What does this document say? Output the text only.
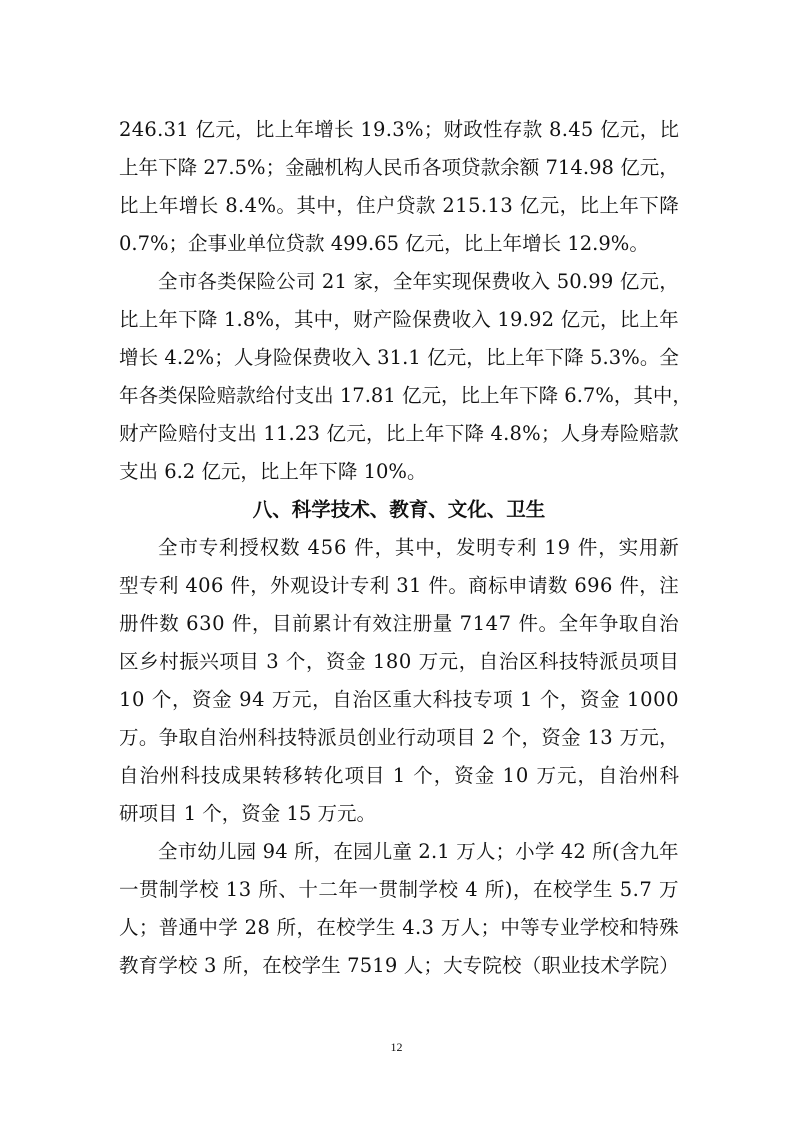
2 4 6 . 3 1
亿 元 ， 比 上 年 增 长
1 9 . 3 % ； 财 政 性 存 款
8 . 4 5
亿 元 ， 比
上 年 下 降
2 7 . 5 % ； 金 融 机 构 人 民 币 各 项 贷 款 余 额
7 1 4 . 9 8
亿 元 ，
比 上 年 增 长
8 . 4 % 。 其 中 ， 住 户 贷 款
2 1 5 . 1 3
亿 元 ， 比 上 年 下 降
0.7%；企事业单位贷款 499.65 亿元，比上年增长 12.9%。
全 市 各 类 保 险 公 司
2 1
家 ， 全 年 实 现 保 费 收 入
5 0 . 9 9
亿 元 ，
比 上 年 下 降
1 . 8 % ， 其 中 ， 财 产 险 保 费 收 入
1 9 . 9 2
亿 元 ， 比 上 年
增 长
4 . 2 % ； 人 身 险 保 费 收 入
3 1 . 1
亿 元 ， 比 上 年 下 降
5 . 3 % 。 全
年 各 类 保 险 赔 款 给 付 支 出
1 7 . 8 1
亿 元 ， 比 上 年 下 降
6 . 7 % ， 其 中 ，
财 产 险 赔 付 支 出
1 1 . 2 3
亿 元 ， 比 上 年 下 降
4 . 8 % ； 人 身 寿 险 赔 款
支出 6.2 亿元，比上年下降 10%。
八、科学技术、教育、文化、卫生
全 市 专 利 授 权 数
4 5 6
件 ， 其 中 ， 发 明 专 利
1 9
件 ， 实 用 新
型 专 利
4 0 6
件 ， 外 观 设 计 专 利
3 1
件 。 商 标 申 请 数
6 9 6
件 ， 注
册 件 数
6 3 0
件 ， 目 前 累 计 有 效 注 册 量
7 1 4 7
件 。 全 年 争 取 自 治
区 乡 村 振 兴 项 目
3
个 ， 资 金
1 8 0
万 元 ， 自 治 区 科 技 特 派 员 项 目
1 0
个 ， 资 金
9 4
万 元 ， 自 治 区 重 大 科 技 专 项
1
个 ， 资 金
1 0 0 0
万 。 争 取 自 治 州 科 技 特 派 员 创 业 行 动 项 目
2
个 ， 资 金
1 3
万 元 ，
自 治 州 科 技 成 果 转 移 转 化 项 目
1
个 ， 资 金
1 0
万 元 ， 自 治 州 科
研项目 1 个，资金 15 万元。
全 市 幼 儿 园
9 4
所 ， 在 园 儿 童
2 . 1
万 人 ； 小 学
4 2
所 ( 含 九 年
一 贯 制 学 校
1 3
所 、 十 二 年 一 贯 制 学 校
4
所 ) ， 在 校 学 生
5 . 7
万
人 ； 普 通 中 学
2 8
所 ， 在 校 学 生
4 . 3
万 人 ； 中 等 专 业 学 校 和 特 殊
教 育 学 校
3
所 ， 在 校 学 生
7 5 1 9
人 ； 大 专 院 校 （ 职 业 技 术 学 院 ）
12
